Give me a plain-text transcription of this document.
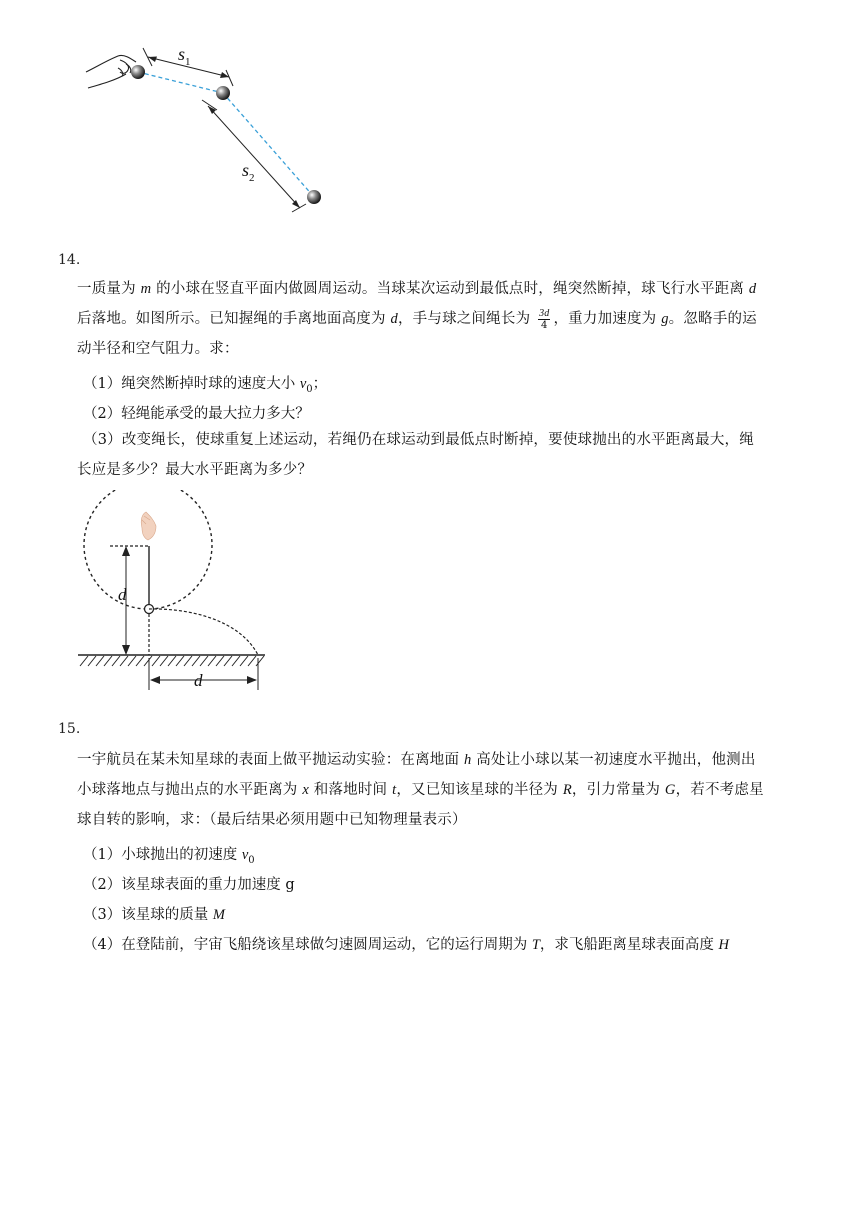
$s_1$
$s_2$
14.
一质量为 m 的小球在竖直平面内做圆周运动。当球某次运动到最低点时，绳突然断掉，球飞行水平距离 d
后落地。如图所示。已知握绳的手离地面高度为 d，手与球之间绳长为 $\frac{3d}{4}$ ，重力加速度为 g。忽略手的运
动半径和空气阻力。求：
（1）绳突然断掉时球的速度大小 $v_0$；
（2）轻绳能承受的最大拉力多大？
（3）改变绳长，使球重复上述运动，若绳仍在球运动到最低点时断掉，要使球抛出的水平距离最大，绳
长应是多少？最大水平距离为多少？
d
d
15.
一宇航员在某未知星球的表面上做平抛运动实验：在离地面 h 高处让小球以某一初速度水平抛出，他测出
小球落地点与抛出点的水平距离为 x 和落地时间 t，又已知该星球的半径为 R，引力常量为 G，若不考虑星
球自转的影响，求：（最后结果必须用题中已知物理量表示）
（1）小球抛出的初速度 $v_0$
（2）该星球表面的重力加速度 g
（3）该星球的质量 M
（4）在登陆前，宇宙飞船绕该星球做匀速圆周运动，它的运行周期为 T，求飞船距离星球表面高度 H
